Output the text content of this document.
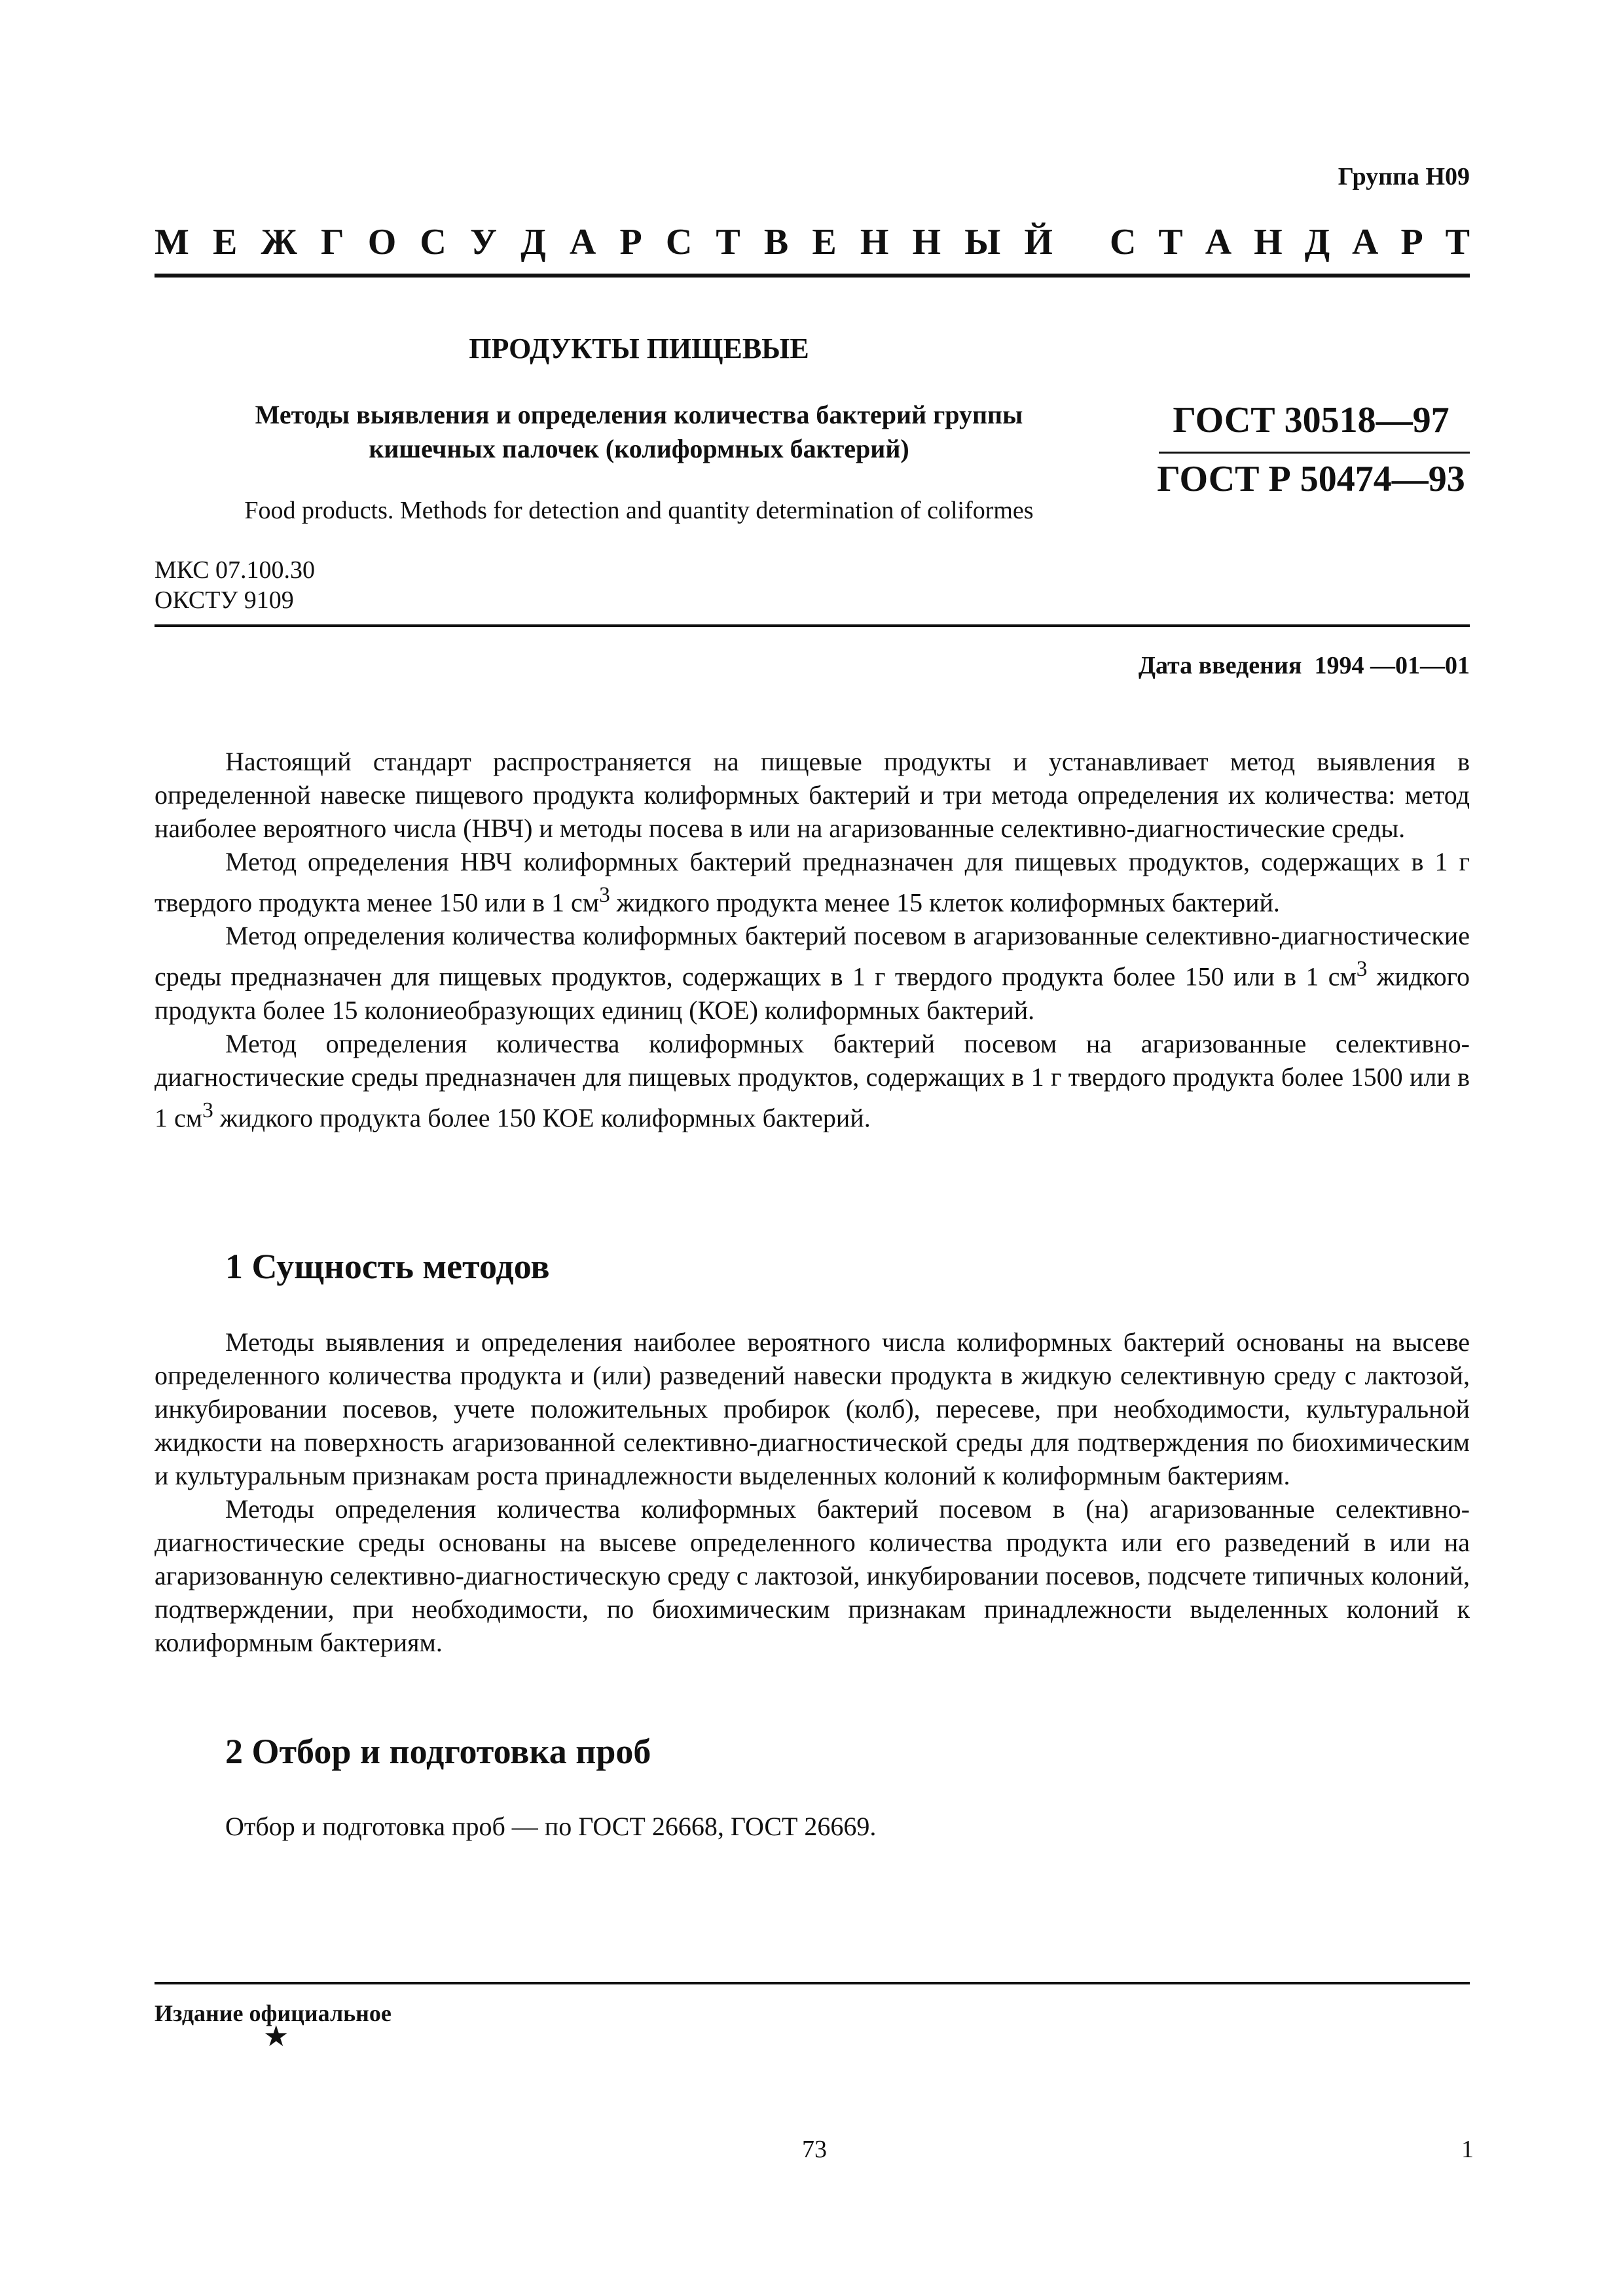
Группа Н09
М Е Ж Г О С У Д А Р С Т В Е Н Н Ы Й С Т А Н Д А Р Т
ПРОДУКТЫ ПИЩЕВЫЕ
Методы выявления и определения количества бактерий группы
кишечных палочек (колиформных бактерий)
ГОСТ 30518—97
ГОСТ Р 50474—93
Food products. Methods for detection and quantity determination of coliformes
МКС 07.100.30
ОКСТУ 9109
Дата введения  1994 —01—01

Настоящий стандарт распространяется на пищевые продукты и устанавливает метод выявления в определенной навеске пищевого продукта колиформных бактерий и три метода определения их количества: метод наиболее вероятного числа (НВЧ) и методы посева в или на агаризованные селективно-диагностические среды.

Метод определения НВЧ колиформных бактерий предназначен для пищевых продуктов, содержащих в 1 г твердого продукта менее 150 или в 1 $см^3$ жидкого продукта менее 15 клеток колиформных бактерий.

Метод определения количества колиформных бактерий посевом в агаризованные селективно-диагностические среды предназначен для пищевых продуктов, содержащих в 1 г твердого продукта более 150 или в 1 $см^3$ жидкого продукта более 15 колониеобразующих единиц (КОЕ) колиформных бактерий.

Метод определения количества колиформных бактерий посевом на агаризованные селективно-диагностические среды предназначен для пищевых продуктов, содержащих в 1 г твердого продукта более 1500 или в 1 $см^3$ жидкого продукта более 150 КОЕ колиформных бактерий.

1 Сущность методов

Методы выявления и определения наиболее вероятного числа колиформных бактерий основаны на высеве определенного количества продукта и (или) разведений навески продукта в жидкую селективную среду с лактозой, инкубировании посевов, учете положительных пробирок (колб), пересеве, при необходимости, культуральной жидкости на поверхность агаризованной селективно-диагностической среды для подтверждения по биохимическим и культуральным признакам роста принадлежности выделенных колоний к колиформным бактериям.

Методы определения количества колиформных бактерий посевом в (на) агаризованные селективно-диагностические среды основаны на высеве определенного количества продукта или его разведений в или на агаризованную селективно-диагностическую среду с лактозой, инкубировании посевов, подсчете типичных колоний, подтверждении, при необходимости, по биохимическим признакам принадлежности выделенных колоний к колиформным бактериям.

2 Отбор и подготовка проб

Отбор и подготовка проб — по ГОСТ 26668, ГОСТ 26669.

Издание официальное
★
73	1
